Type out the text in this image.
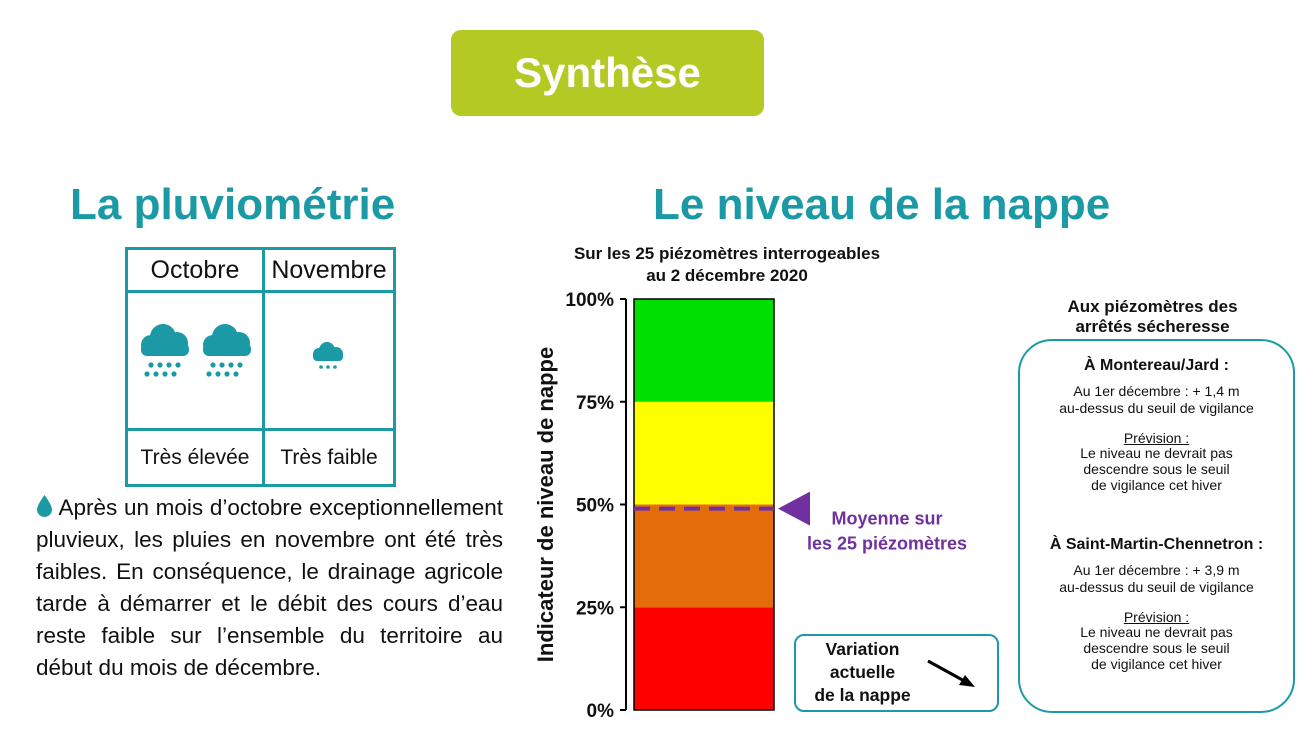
Synthèse
La pluviométrie	Le niveau de la nappe
Octobre	Novembre

Très élevée	Très faible
Après un mois d’octobre exceptionnellement pluvieux, les pluies en novembre ont été très faibles. En conséquence, le drainage agricole tarde à démarrer et le débit des cours d’eau reste faible sur l’ensemble du territoire au début du mois de décembre.
Sur les 25 piézomètres interrogeables
au 2 décembre 2020
0%
25%
50%
75%
100%
Indicateur de niveau de nappe	Moyenne sur
les 25 piézomètres
Variation
actuelle
de la nappe
Aux piézomètres des
arrêtés sécheresse
À Montereau/Jard :
Au 1er décembre : + 1,4 m
au-dessus du seuil de vigilance
Prévision :
Le niveau ne devrait pas
descendre sous le seuil
de vigilance cet hiver
À Saint-Martin-Chennetron :
Au 1er décembre : + 3,9 m
au-dessus du seuil de vigilance
Prévision :
Le niveau ne devrait pas
descendre sous le seuil
de vigilance cet hiver
